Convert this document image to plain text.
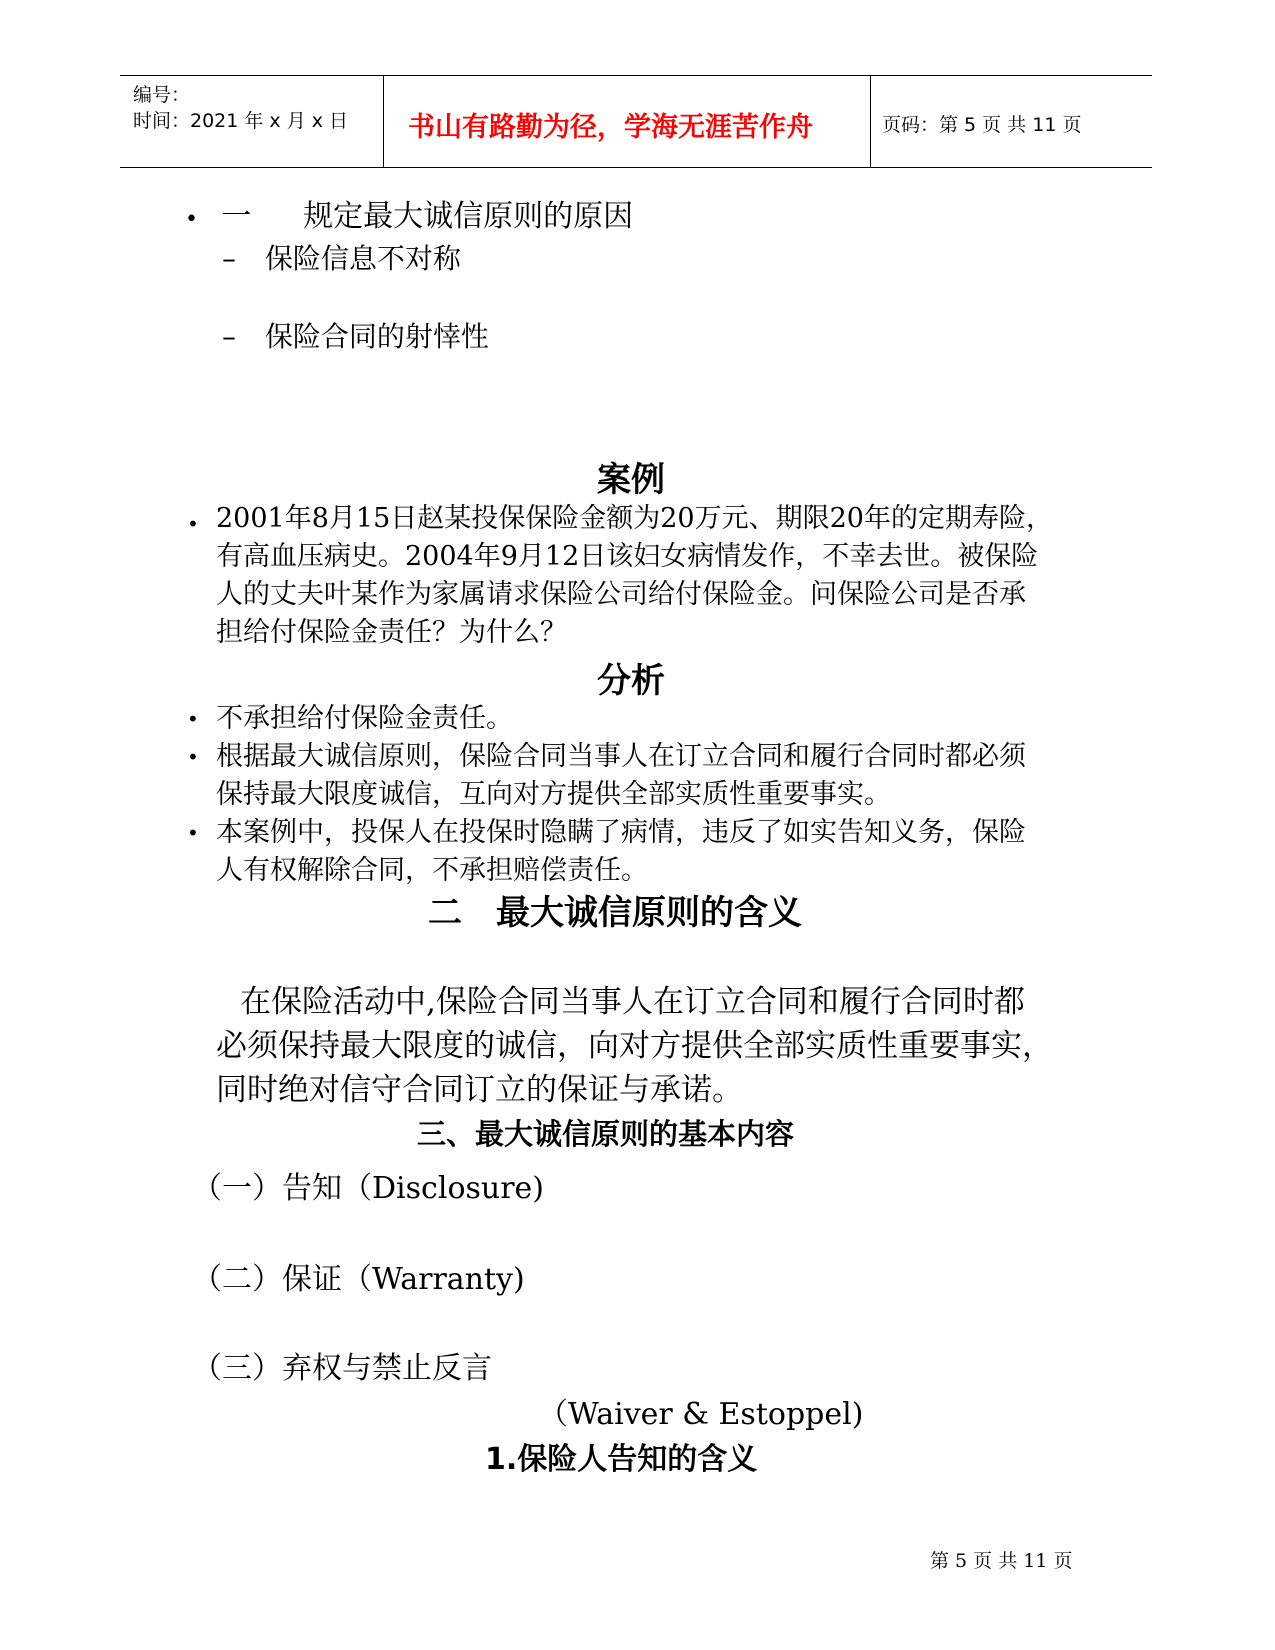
编号：
时间：2021 年 x 月 x 日 书山有路勤为径，学海无涯苦作舟	页码：第 5 页 共 11 页
• 一 规定最大诚信原则的原因
– 保险信息不对称
– 保险合同的射悻性
案例
• 2001年8月15日赵某投保保险金额为20万元、期限20年的定期寿险，
有高血压病史。2004年9月12日该妇女病情发作，不幸去世。被保险
人的丈夫叶某作为家属请求保险公司给付保险金。问保险公司是否承
担给付保险金责任？为什么？
分析
• 不承担给付保险金责任。
• 根据最大诚信原则，保险合同当事人在订立合同和履行合同时都必须
保持最大限度诚信，互向对方提供全部实质性重要事实。
• 本案例中，投保人在投保时隐瞒了病情，违反了如实告知义务，保险
人有权解除合同，不承担赔偿责任。
二　最大诚信原则的含义
在保险活动中,保险合同当事人在订立合同和履行合同时都
必须保持最大限度的诚信，向对方提供全部实质性重要事实，
同时绝对信守合同订立的保证与承诺。
三、最大诚信原则的基本内容
（一）告知（Disclosure)
（二）保证（Warranty)
（三）弃权与禁止反言
（Waiver & Estoppel)
1.保险人告知的含义
第 5 页 共 11 页
